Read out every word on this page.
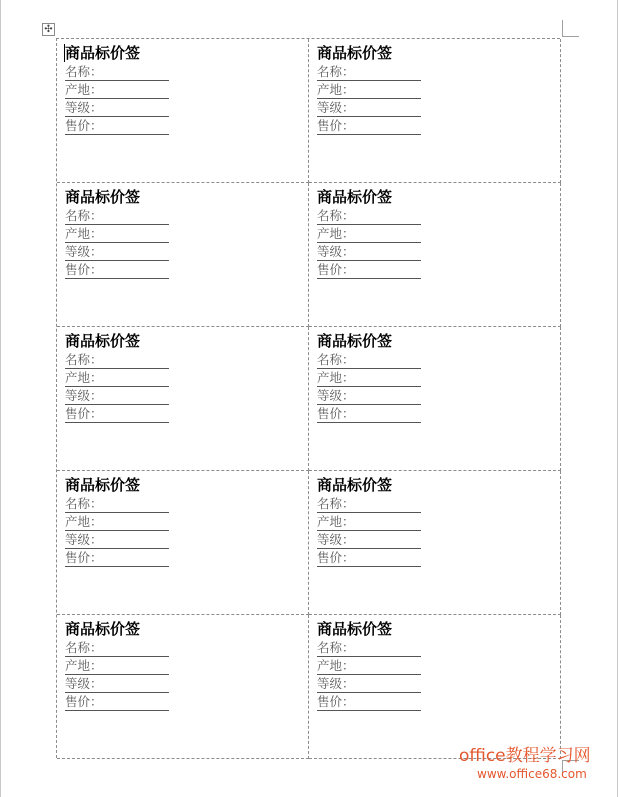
✣
商品标价签
名称：
产地：
等级：
售价：
商品标价签
名称：
产地：
等级：
售价：
商品标价签
名称：
产地：
等级：
售价：
商品标价签
名称：
产地：
等级：
售价：
商品标价签
名称：
产地：
等级：
售价：
商品标价签
名称：
产地：
等级：
售价：
商品标价签
名称：
产地：
等级：
售价：
商品标价签
名称：
产地：
等级：
售价：
商品标价签
名称：
产地：
等级：
售价：
商品标价签
名称：
产地：
等级：
售价：
office教程学习网
www.office68.com
